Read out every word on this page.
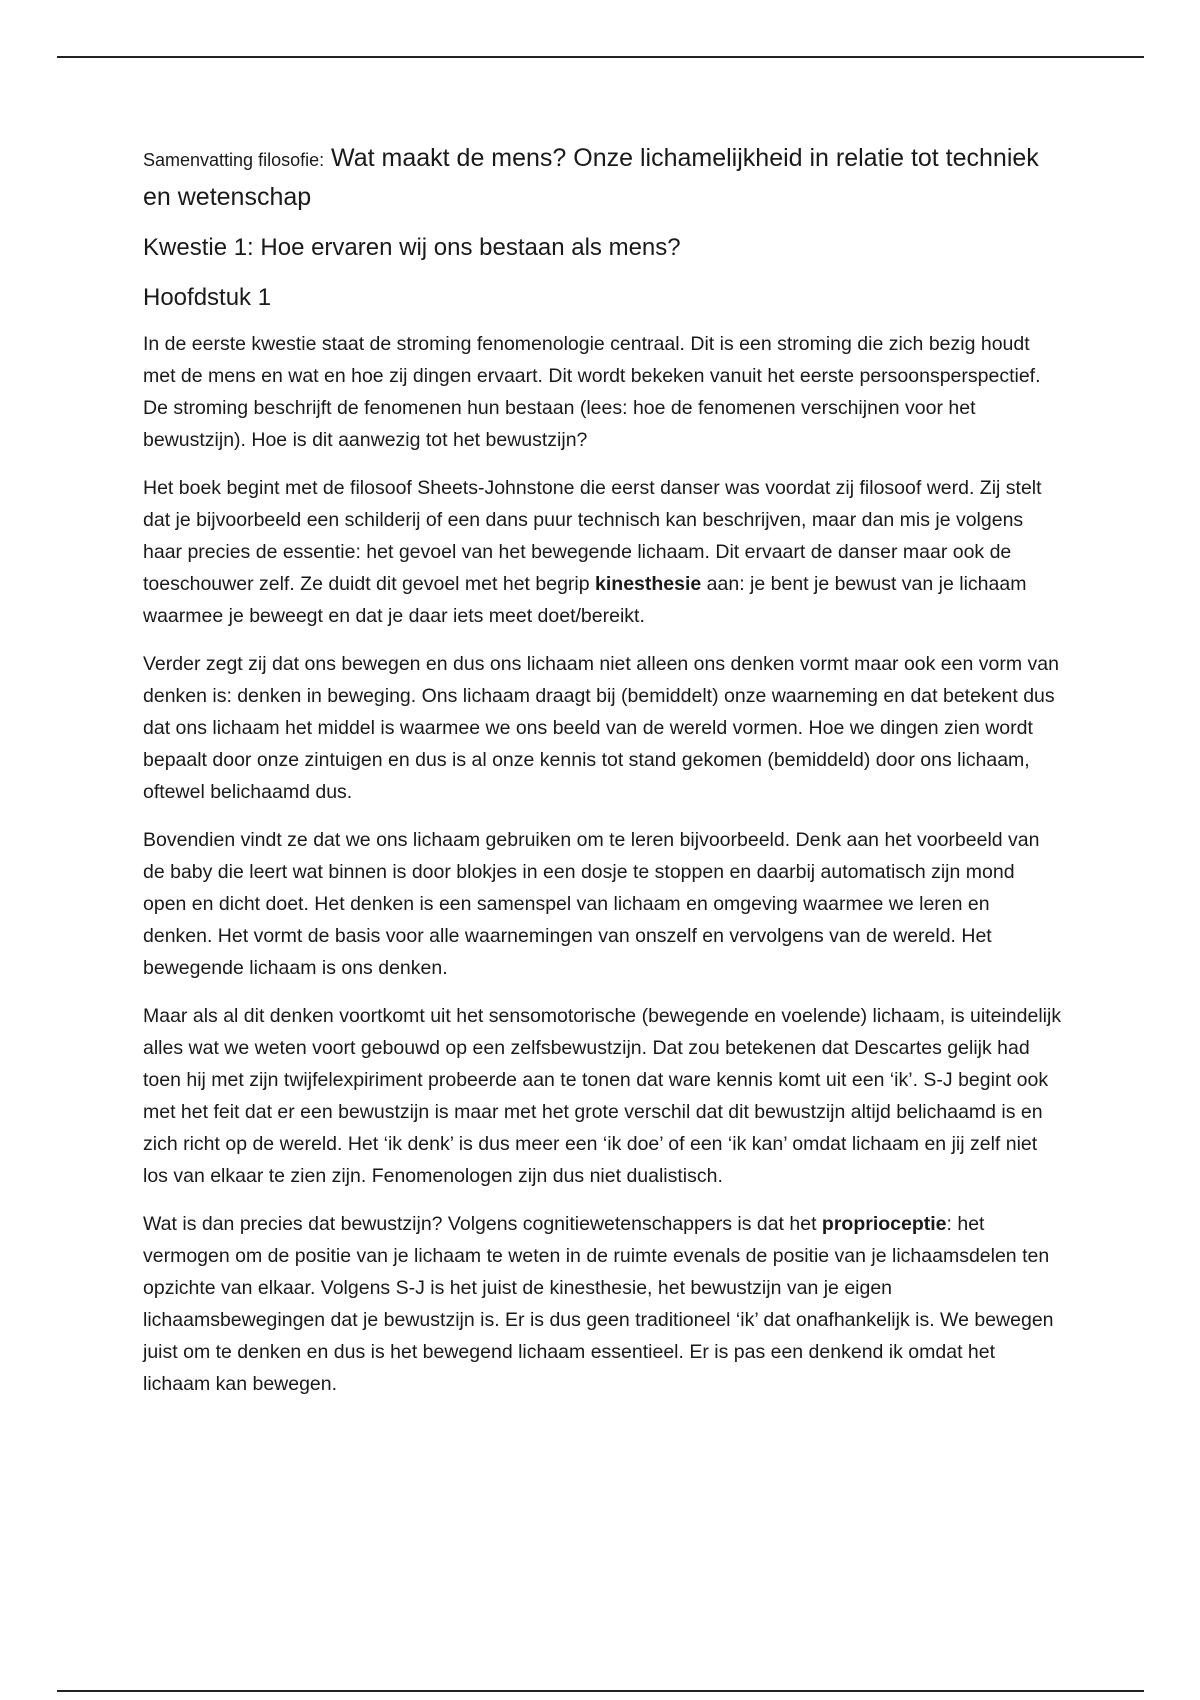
Samenvatting filosofie: Wat maakt de mens? Onze lichamelijkheid in relatie tot techniek en wetenschap
Kwestie 1: Hoe ervaren wij ons bestaan als mens?
Hoofdstuk 1

In de eerste kwestie staat de stroming fenomenologie centraal. Dit is een stroming die zich bezig houdt met de mens en wat en hoe zij dingen ervaart. Dit wordt bekeken vanuit het eerste persoonsperspectief. De stroming beschrijft de fenomenen hun bestaan (lees: hoe de fenomenen verschijnen voor het bewustzijn). Hoe is dit aanwezig tot het bewustzijn?

Het boek begint met de filosoof Sheets-Johnstone die eerst danser was voordat zij filosoof werd. Zij stelt dat je bijvoorbeeld een schilderij of een dans puur technisch kan beschrijven, maar dan mis je volgens haar precies de essentie: het gevoel van het bewegende lichaam. Dit ervaart de danser maar ook de toeschouwer zelf. Ze duidt dit gevoel met het begrip kinesthesie aan: je bent je bewust van je lichaam waarmee je beweegt en dat je daar iets meet doet/bereikt.

Verder zegt zij dat ons bewegen en dus ons lichaam niet alleen ons denken vormt maar ook een vorm van denken is: denken in beweging. Ons lichaam draagt bij (bemiddelt) onze waarneming en dat betekent dus dat ons lichaam het middel is waarmee we ons beeld van de wereld vormen. Hoe we dingen zien wordt bepaalt door onze zintuigen en dus is al onze kennis tot stand gekomen (bemiddeld) door ons lichaam, oftewel belichaamd dus.

Bovendien vindt ze dat we ons lichaam gebruiken om te leren bijvoorbeeld. Denk aan het voorbeeld van de baby die leert wat binnen is door blokjes in een dosje te stoppen en daarbij automatisch zijn mond open en dicht doet. Het denken is een samenspel van lichaam en omgeving waarmee we leren en denken. Het vormt de basis voor alle waarnemingen van onszelf en vervolgens van de wereld. Het bewegende lichaam is ons denken.

Maar als al dit denken voortkomt uit het sensomotorische (bewegende en voelende) lichaam, is uiteindelijk alles wat we weten voort gebouwd op een zelfsbewustzijn. Dat zou betekenen dat Descartes gelijk had toen hij met zijn twijfelexpiriment probeerde aan te tonen dat ware kennis komt uit een ‘ik’. S-J begint ook met het feit dat er een bewustzijn is maar met het grote verschil dat dit bewustzijn altijd belichaamd is en zich richt op de wereld. Het ‘ik denk’ is dus meer een ‘ik doe’ of een ‘ik kan’ omdat lichaam en jij zelf niet los van elkaar te zien zijn. Fenomenologen zijn dus niet dualistisch.

Wat is dan precies dat bewustzijn? Volgens cognitiewetenschappers is dat het proprioceptie: het vermogen om de positie van je lichaam te weten in de ruimte evenals de positie van je lichaamsdelen ten opzichte van elkaar. Volgens S-J is het juist de kinesthesie, het bewustzijn van je eigen lichaamsbewegingen dat je bewustzijn is. Er is dus geen traditioneel ‘ik’ dat onafhankelijk is. We bewegen juist om te denken en dus is het bewegend lichaam essentieel. Er is pas een denkend ik omdat het lichaam kan bewegen.
